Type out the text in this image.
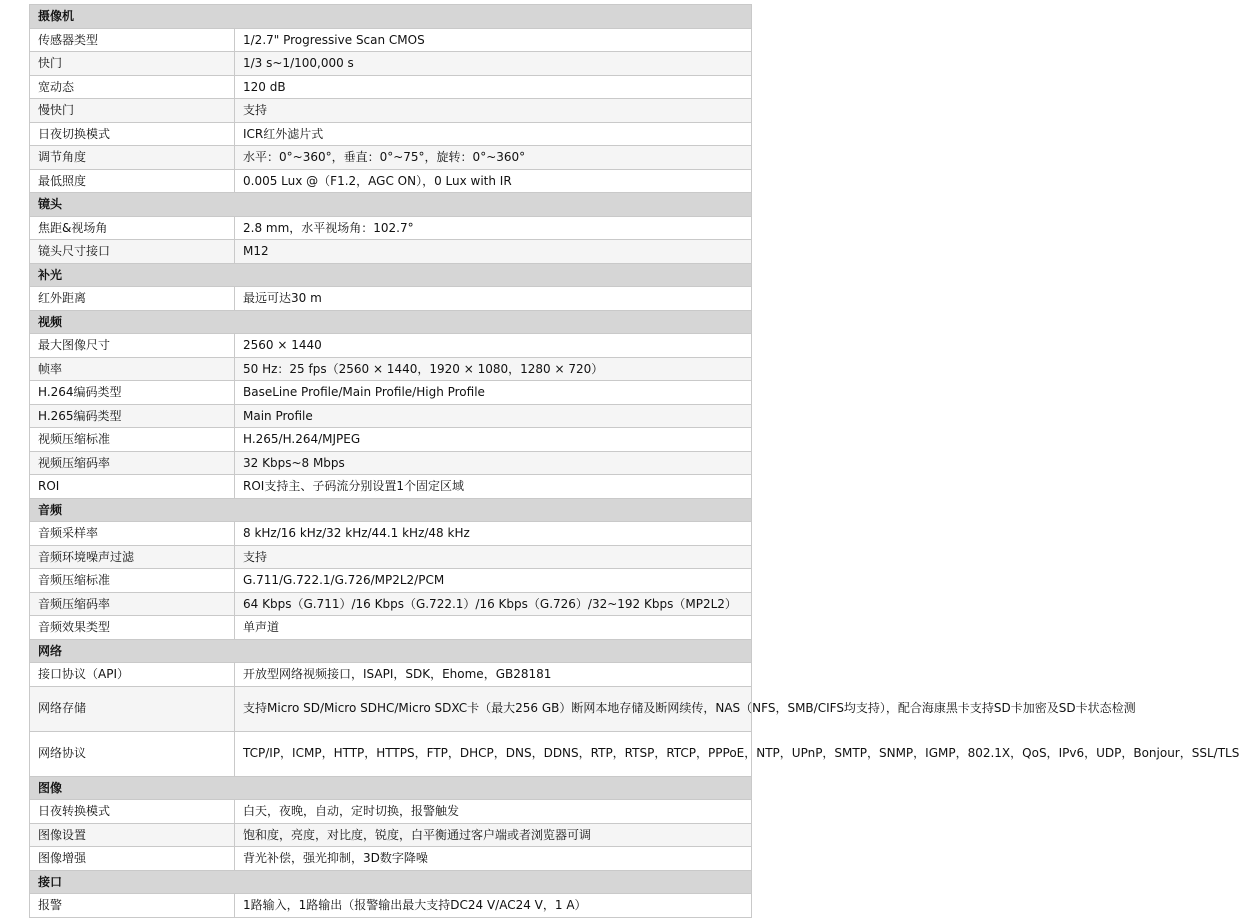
摄像机	
传感器类型	1/2.7" Progressive Scan CMOS
快门	1/3 s~1/100,000 s
宽动态	120 dB
慢快门	支持
日夜切换模式	ICR红外滤片式
调节角度	水平：0°~360°，垂直：0°~75°，旋转：0°~360°
最低照度	0.005 Lux @（F1.2，AGC ON），0 Lux with IR
镜头	
焦距&视场角	2.8 mm，水平视场角：102.7°
镜头尺寸接口	M12
补光	
红外距离	最远可达30 m
视频	
最大图像尺寸	2560 × 1440
帧率	50 Hz：25 fps（2560 × 1440，1920 × 1080，1280 × 720）
H.264编码类型	BaseLine Profile/Main Profile/High Profile
H.265编码类型	Main Profile
视频压缩标准	H.265/H.264/MJPEG
视频压缩码率	32 Kbps~8 Mbps
ROI	ROI支持主、子码流分别设置1个固定区域
音频	
音频采样率	8 kHz/16 kHz/32 kHz/44.1 kHz/48 kHz
音频环境噪声过滤	支持
音频压缩标准	G.711/G.722.1/G.726/MP2L2/PCM
音频压缩码率	64 Kbps（G.711）/16 Kbps（G.722.1）/16 Kbps（G.726）/32~192 Kbps（MP2L2）
音频效果类型	单声道
网络	
接口协议（API）	开放型网络视频接口，ISAPI，SDK，Ehome，GB28181
网络存储	支持Micro SD/Micro SDHC/Micro SDXC卡（最大256 GB）断网本地存储及断网续传，NAS（NFS，SMB/CIFS均支持），配合海康黑卡支持SD卡加密及SD卡状态检测
网络协议	TCP/IP，ICMP，HTTP，HTTPS，FTP，DHCP，DNS，DDNS，RTP，RTSP，RTCP，PPPoE，NTP，UPnP，SMTP，SNMP，IGMP，802.1X，QoS，IPv6，UDP，Bonjour，SSL/TLS
图像	
日夜转换模式	白天，夜晚，自动，定时切换，报警触发
图像设置	饱和度，亮度，对比度，锐度，白平衡通过客户端或者浏览器可调
图像增强	背光补偿，强光抑制，3D数字降噪
接口	
报警	1路输入，1路输出（报警输出最大支持DC24 V/AC24 V，1 A）
